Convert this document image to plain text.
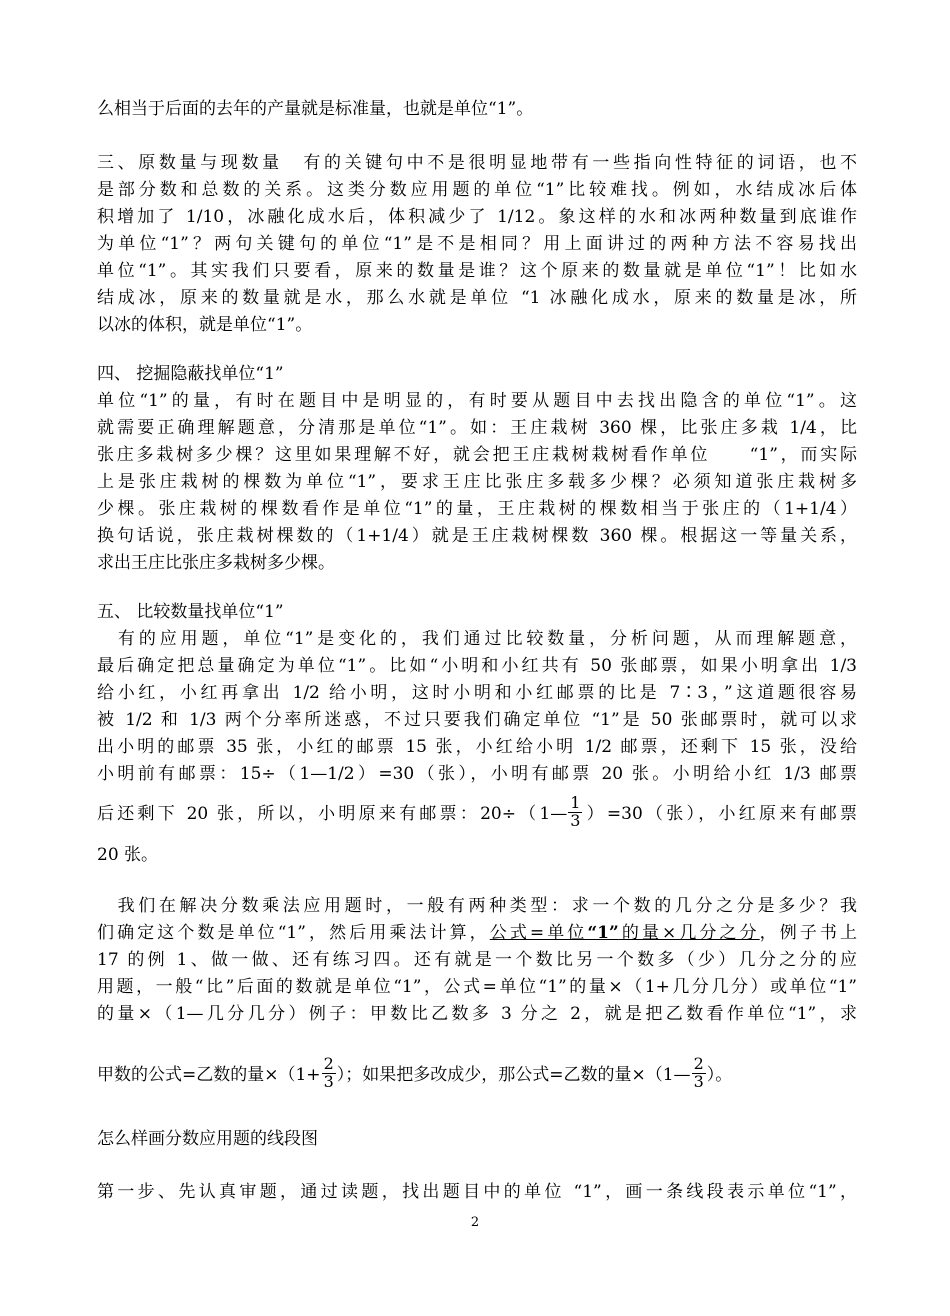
么相当于后面的去年的产量就是标准量，也就是单位“1”。
三、原数量与现数量　有的关键句中不是很明显地带有一些指向性特征的词语，也不
是部分数和总数的关系。这类分数应用题的单位“1”比较难找。例如，水结成冰后体
积增加了 1/10，冰融化成水后，体积减少了 1/12。象这样的水和冰两种数量到底谁作
为单位“1”？两句关键句的单位“1”是不是相同？用上面讲过的两种方法不容易找出
单位“1”。其实我们只要看，原来的数量是谁？这个原来的数量就是单位“1”！比如水
结成冰，原来的数量就是水，那么水就是单位 “1 冰融化成水，原来的数量是冰，所
以冰的体积，就是单位“1”。
四、 挖掘隐蔽找单位“1”
单位“1”的量，有时在题目中是明显的，有时要从题目中去找出隐含的单位“1”。这
就需要正确理解题意，分清那是单位“1”。如：王庄栽树 360 棵，比张庄多栽 1/4，比
张庄多栽树多少棵？这里如果理解不好，就会把王庄栽树栽树看作单位　　“1”，而实际
上是张庄栽树的棵数为单位“1”，要求王庄比张庄多载多少棵？必须知道张庄栽树多
少棵。张庄栽树的棵数看作是单位“1”的量，王庄栽树的棵数相当于张庄的（1+1/4）
换句话说，张庄栽树棵数的（1+1/4）就是王庄栽树棵数 360 棵。根据这一等量关系，
求出王庄比张庄多栽树多少棵。
五、 比较数量找单位“1”
　有的应用题，单位“1”是变化的，我们通过比较数量，分析问题，从而理解题意，
最后确定把总量确定为单位“1”。比如“小明和小红共有 50 张邮票，如果小明拿出 1/3
给小红，小红再拿出 1/2 给小明，这时小明和小红邮票的比是 7∶3，”这道题很容易
被 1/2 和 1/3 两个分率所迷惑，不过只要我们确定单位 “1”是 50 张邮票时，就可以求
出小明的邮票 35 张，小红的邮票 15 张，小红给小明 1/2 邮票，还剩下 15 张，没给
小明前有邮票：15÷（1—1/2）=30（张），小明有邮票 20 张。小明给小红 1/3 邮票
后还剩下 20 张，所以，小明原来有邮票：20÷（1— $\frac{1}{3} )=30$（张），小红原来有邮票
20 张。
　我们在解决分数乘法应用题时，一般有两种类型：求一个数的几分之分是多少？我
们确定这个数是单位“1”，然后用乘法计算，公式=单位“1”的量×几分之分，例子书上
17 的例 1、做一做、还有练习四。还有就是一个数比另一个数多（少）几分之分的应
用题，一般“比”后面的数就是单位“1”，公式=单位“1”的量×（1+几分几分）或单位“1”
的量×（1—几分几分）例子：甲数比乙数多 3 分之 2，就是把乙数看作单位“1”，求
甲数的公式=乙数的量$\times(1+ \frac{2}{3}$ ）；如果把多改成少，那公式=乙数的量×（1— $\frac{2}{3}$ ）。
怎么样画分数应用题的线段图
第一步、先认真审题，通过读题，找出题目中的单位 “1”，画一条线段表示单位“1”，
2
